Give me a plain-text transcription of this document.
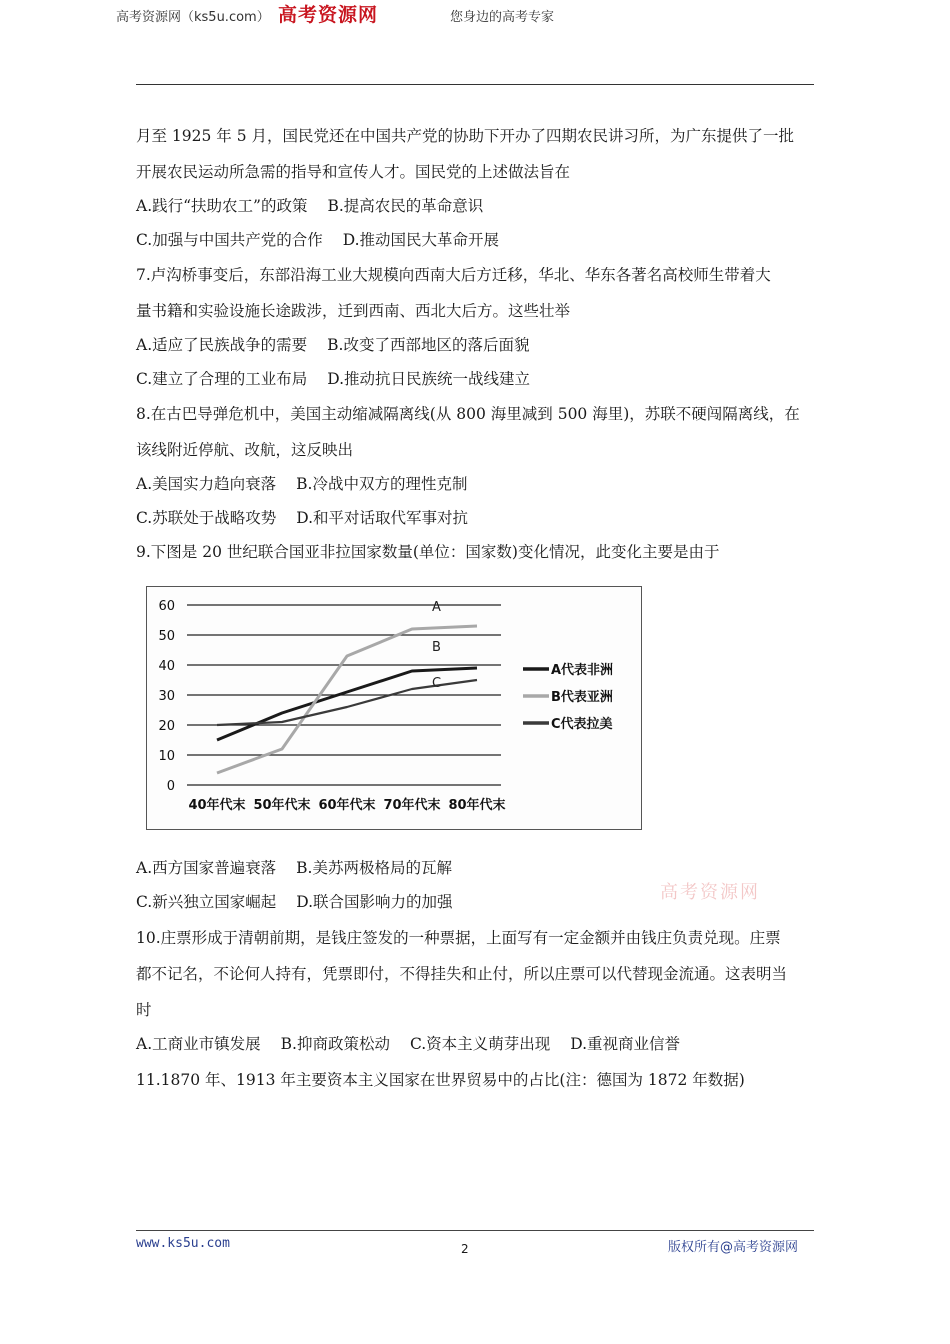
高考资源网（ks5u.com） 高考资源网	您身边的高考专家
月至 1925 年 5 月，国民党还在中国共产党的协助下开办了四期农民讲习所，为广东提供了一批
开展农民运动所急需的指导和宣传人才。国民党的上述做法旨在
A.践行“扶助农工”的政策 B.提高农民的革命意识
C.加强与中国共产党的合作 D.推动国民大革命开展
7.卢沟桥事变后，东部沿海工业大规模向西南大后方迁移，华北、华东各著名高校师生带着大
量书籍和实验设施长途跋涉，迁到西南、西北大后方。这些壮举
A.适应了民族战争的需要 B.改变了西部地区的落后面貌
C.建立了合理的工业布局 D.推动抗日民族统一战线建立
8.在古巴导弹危机中，美国主动缩减隔离线(从 800 海里减到 500 海里)，苏联不硬闯隔离线，在
该线附近停航、改航，这反映出
A.美国实力趋向衰落 B.冷战中双方的理性克制
C.苏联处于战略攻势 D.和平对话取代军事对抗
9.下图是 20 世纪联合国亚非拉国家数量(单位：国家数)变化情况，此变化主要是由于
A.西方国家普遍衰落 B.美苏两极格局的瓦解
C.新兴独立国家崛起 D.联合国影响力的加强
10.庄票形成于清朝前期，是钱庄签发的一种票据，上面写有一定金额并由钱庄负责兑现。庄票
都不记名，不论何人持有，凭票即付，不得挂失和止付，所以庄票可以代替现金流通。这表明当
时
A.工商业市镇发展 B.抑商政策松动 C.资本主义萌芽出现 D.重视商业信誉
11.1870 年、1913 年主要资本主义国家在世界贸易中的占比(注：德国为 1872 年数据)
0
10
20
30
40
50
60
40年代末 50年代末 60年代末 70年代末 80年代末
A
B
C
A代表非洲
B代表亚洲
C代表拉美
高考资源网
www.ks5u.com	2	版权所有@高考资源网
